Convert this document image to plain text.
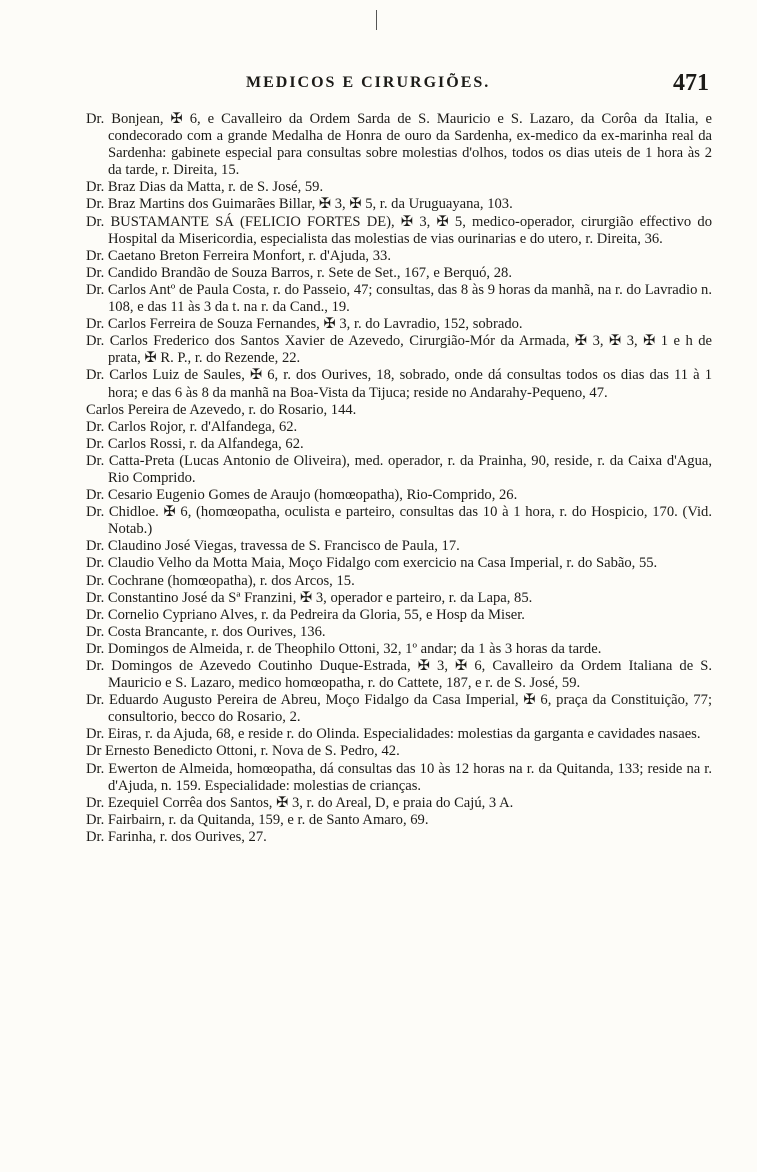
MEDICOS E CIRURGIÕES.	471
Dr. Bonjean, ✠ 6, e Cavalleiro da Ordem Sarda de S. Mauricio e S. Lazaro, da Corôa da Italia, e condecorado com a grande Medalha de Honra de ouro da Sardenha, ex-medico da ex-marinha real da Sardenha: gabinete especial para consultas sobre molestias d'olhos, todos os dias uteis de 1 hora às 2 da tarde, r. Direita, 15.
Dr. Braz Dias da Matta, r. de S. José, 59.
Dr. Braz Martins dos Guimarães Billar, ✠ 3, ✠ 5, r. da Uruguayana, 103.
Dr. BUSTAMANTE SÁ (FELICIO FORTES DE), ✠ 3, ✠ 5, medico-operador, cirurgião effectivo do Hospital da Misericordia, especialista das molestias de vias ourinarias e do utero, r. Direita, 36.
Dr. Caetano Breton Ferreira Monfort, r. d'Ajuda, 33.
Dr. Candido Brandão de Souza Barros, r. Sete de Set., 167, e Berquó, 28.
Dr. Carlos Antº de Paula Costa, r. do Passeio, 47; consultas, das 8 às 9 horas da manhã, na r. do Lavradio n. 108, e das 11 às 3 da t. na r. da Cand., 19.
Dr. Carlos Ferreira de Souza Fernandes, ✠ 3, r. do Lavradio, 152, sobrado.
Dr. Carlos Frederico dos Santos Xavier de Azevedo, Cirurgião-Mór da Armada, ✠ 3, ✠ 3, ✠ 1 e h de prata, ✠ R. P., r. do Rezende, 22.
Dr. Carlos Luiz de Saules, ✠ 6, r. dos Ourives, 18, sobrado, onde dá consultas todos os dias das 11 à 1 hora; e das 6 às 8 da manhã na Boa-Vista da Tijuca; reside no Andarahy-Pequeno, 47.
Carlos Pereira de Azevedo, r. do Rosario, 144.
Dr. Carlos Rojor, r. d'Alfandega, 62.
Dr. Carlos Rossi, r. da Alfandega, 62.
Dr. Catta-Preta (Lucas Antonio de Oliveira), med. operador, r. da Prainha, 90, reside, r. da Caixa d'Agua, Rio Comprido.
Dr. Cesario Eugenio Gomes de Araujo (homœopatha), Rio-Comprido, 26.
Dr. Chidloe. ✠ 6, (homœopatha, oculista e parteiro, consultas das 10 à 1 hora, r. do Hospicio, 170. (Vid. Notab.)
Dr. Claudino José Viegas, travessa de S. Francisco de Paula, 17.
Dr. Claudio Velho da Motta Maia, Moço Fidalgo com exercicio na Casa Imperial, r. do Sabão, 55.
Dr. Cochrane (homœopatha), r. dos Arcos, 15.
Dr. Constantino José da Sª Franzini, ✠ 3, operador e parteiro, r. da Lapa, 85.
Dr. Cornelio Cypriano Alves, r. da Pedreira da Gloria, 55, e Hosp da Miser.
Dr. Costa Brancante, r. dos Ourives, 136.
Dr. Domingos de Almeida, r. de Theophilo Ottoni, 32, 1º andar; da 1 às 3 horas da tarde.
Dr. Domingos de Azevedo Coutinho Duque-Estrada, ✠ 3, ✠ 6, Cavalleiro da Ordem Italiana de S. Mauricio e S. Lazaro, medico homœopatha, r. do Cattete, 187, e r. de S. José, 59.
Dr. Eduardo Augusto Pereira de Abreu, Moço Fidalgo da Casa Imperial, ✠ 6, praça da Constituição, 77; consultorio, becco do Rosario, 2.
Dr. Eiras, r. da Ajuda, 68, e reside r. do Olinda. Especialidades: molestias da garganta e cavidades nasaes.
Dr Ernesto Benedicto Ottoni, r. Nova de S. Pedro, 42.
Dr. Ewerton de Almeida, homœopatha, dá consultas das 10 às 12 horas na r. da Quitanda, 133; reside na r. d'Ajuda, n. 159. Especialidade: molestias de crianças.
Dr. Ezequiel Corrêa dos Santos, ✠ 3, r. do Areal, D, e praia do Cajú, 3 A.
Dr. Fairbairn, r. da Quitanda, 159, e r. de Santo Amaro, 69.
Dr. Farinha, r. dos Ourives, 27.
